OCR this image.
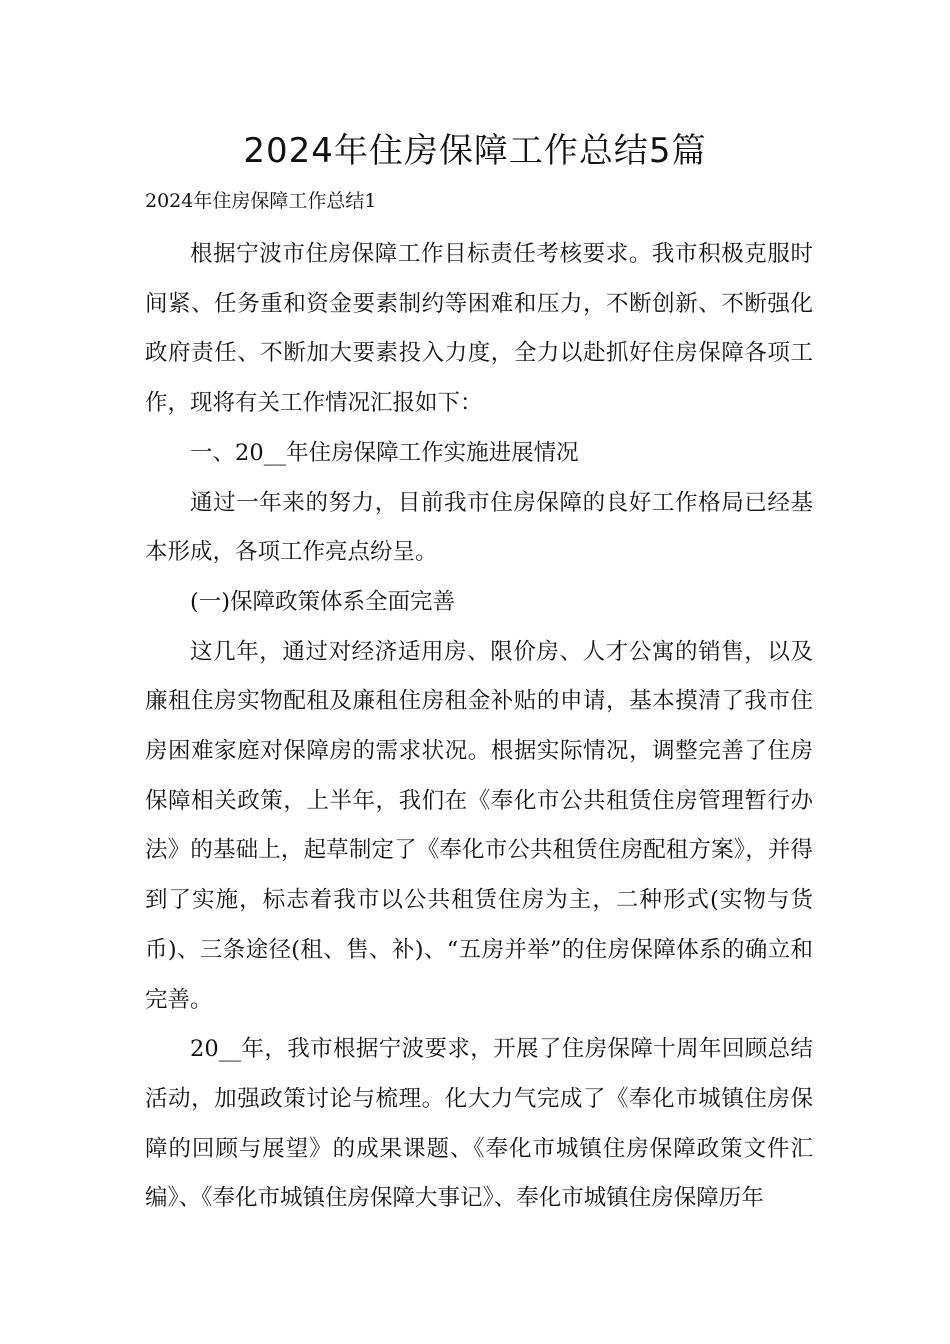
2024年住房保障工作总结5篇
2024年住房保障工作总结1

根据宁波市住房保障工作目标责任考核要求。我市积极克服时间紧、任务重和资金要素制约等困难和压力，不断创新、不断强化政府责任、不断加大要素投入力度，全力以赴抓好住房保障各项工作，现将有关工作情况汇报如下：

一、20__年住房保障工作实施进展情况

通过一年来的努力，目前我市住房保障的良好工作格局已经基本形成，各项工作亮点纷呈。

(一)保障政策体系全面完善

这几年，通过对经济适用房、限价房、人才公寓的销售，以及廉租住房实物配租及廉租住房租金补贴的申请，基本摸清了我市住房困难家庭对保障房的需求状况。根据实际情况，调整完善了住房保障相关政策，上半年，我们在《奉化市公共租赁住房管理暂行办法》的基础上，起草制定了《奉化市公共租赁住房配租方案》，并得到了实施，标志着我市以公共租赁住房为主，二种形式(实物与货币)、三条途径(租、售、补)、“五房并举”的住房保障体系的确立和完善。

20__年，我市根据宁波要求，开展了住房保障十周年回顾总结活动，加强政策讨论与梳理。化大力气完成了《奉化市城镇住房保障的回顾与展望》的成果课题、《奉化市城镇住房保障政策文件汇编》、《奉化市城镇住房保障大事记》、奉化市城镇住房保障历年
